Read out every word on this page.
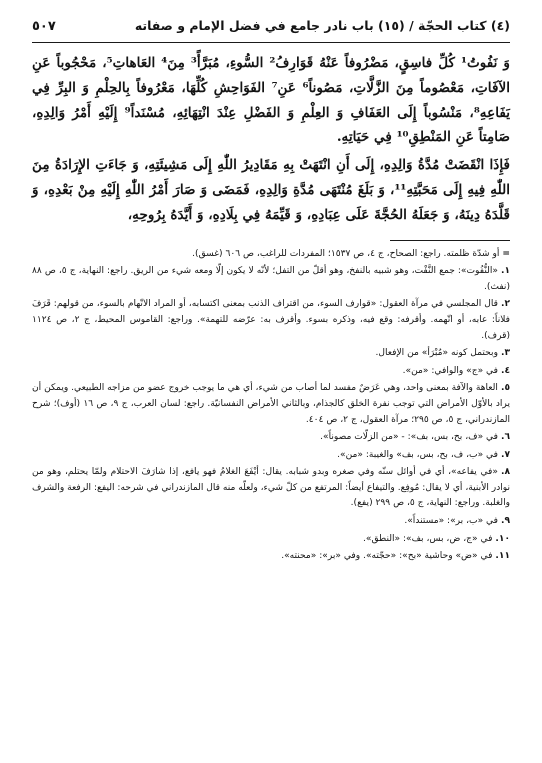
(٤) كتاب الحجّة / (١٥) باب نادر جامع في فضل الإمام و صفاته
٥٠٧

وَ نَفُوتُ¹ كُلِّ فاسِقٍ، مَضْرُوفاً عَنْهُ قَوَارِفُ² السُّوءِ، مُبَرَّأً³ مِنَ⁴ العَاهاتِ⁵، مَحْجُوباً عَنِ الآفَاتِ، مَعْصُوماً مِنَ الزَّلَّاتِ، مَصُوناً⁶ عَنِ⁷ الفَوَاحِشِ كُلِّهَا، مَعْرُوفاً بِالحِلْمِ وَ البِرِّ فِي يَفَاعِهِ⁸، مَنْسُوباً إِلَى العَفَافِ وَ العِلْمِ وَ الفَضْلِ عِنْدَ انْتِهَائِهِ، مُسْنَداً⁹ إِلَيْهِ أَمْرُ وَالِدِهِ، صَامِتاً عَنِ المَنْطِقِ¹⁰ فِي حَيَاتِهِ.

فَإِذَا انْقَضَتْ مُدَّةُ وَالِدِهِ، إِلَى أَنِ انْتَهَتْ بِهِ مَقَادِيرُ اللّٰهِ إِلَى مَشِيئَتِهِ، وَ جَاءَتِ الإِرَادَةُ مِنَ اللّٰهِ فِيهِ إِلَى مَحَبَّتِهِ¹¹، وَ بَلَغَ مُنْتَهَى مُدَّةِ وَالِدِهِ، فَمَضَى وَ صَارَ أَمْرُ اللّٰهِ إِلَيْهِ مِنْ بَعْدِهِ، وَ قَلَّدَهُ دِينَهُ، وَ جَعَلَهُ الحُجَّةَ عَلَى عِبَادِهِ، وَ قَيِّمَهُ فِي بِلَادِهِ، وَ أَيَّدَهُ بِرُوحِهِ،

=أو شدّة ظلمته. راجع: الصحاح، ج ٤، ص ١٥٣٧؛ المفردات للراغب، ص ٦٠٦ (غسق).

١.«النُّفُوت»: جمع النَّفْت، وهو شبيه بالنفخ، وهو أقلّ من التفل؛ لأنّه لا يكون إلّا ومعه شيء من الريق. راجع: النهاية، ج ٥، ص ٨٨ (نفث).

٢.قال المجلسي في مرآة العقول: «قوارف السوء، من اقتراف الذنب بمعنى اكتسابه، أو المراد الاتّهام بالسوء، من قولهم: قَرَفَ فلاناً: عابه، أو اتّهمه. وأقرفه: وقع فيه، وذكره بسوء. وأقرف به: عرّضه للتهمة». وراجع: القاموس المحيط، ج ٢، ص ١١٢٤ (قرف).

٣.وبحتمل كونه «مُبْرَأ» من الإفعال.

٤.في «ج» والوافي: «من».

٥.العاهة والآفة بمعنى واحد، وهي عَرَضٌ مفسد لما أصاب من شيء، أي هي ما يوجب خروج عضو من مزاجه الطبيعي. ويمكن أن يراد بالأوّل الأمراض التي توجب نفرة الخلق كالجذام، وبالثاني الأمراض النفسانيّة. راجع: لسان العرب، ج ٩، ص ١٦ (أوف)؛ شرح المازندراني، ج ٥، ص ٢٩٥؛ مرآة العقول، ج ٢، ص ٤٠٤.

٦.في «ف، بح، بس، بف»: - «من الزلّات مصوناً».

٧.في «ب، ف، بح، بس، بف» والغيبة: «من».

٨.«في يفاعه»، أي في أوائل سنّه وفي صغره وبدو شبابه. يقال: أيْفَعَ الغلامُ فهو يافع، إذا شارَفَ الاحتلام ولمّا يحتلم، وهو من نوادر الأبنية، أي لا يقال: مُوفِع. والتيفاع أيضاً: المرتفع من كلّ شيء، ولعلّه منه قال المازندراني في شرحه: اليفع: الرفعة والشرف والغلبة. وراجع: النهاية، ج ٥، ص ٢٩٩ (يفع).

٩.في «ب، بر»: «مستنداً».

١٠.في «ج، ض، بس، بف»: «النطق».

١١.في «ض» وحاشية «بح»: «حجّته». وفي «بر»: «محنته».
